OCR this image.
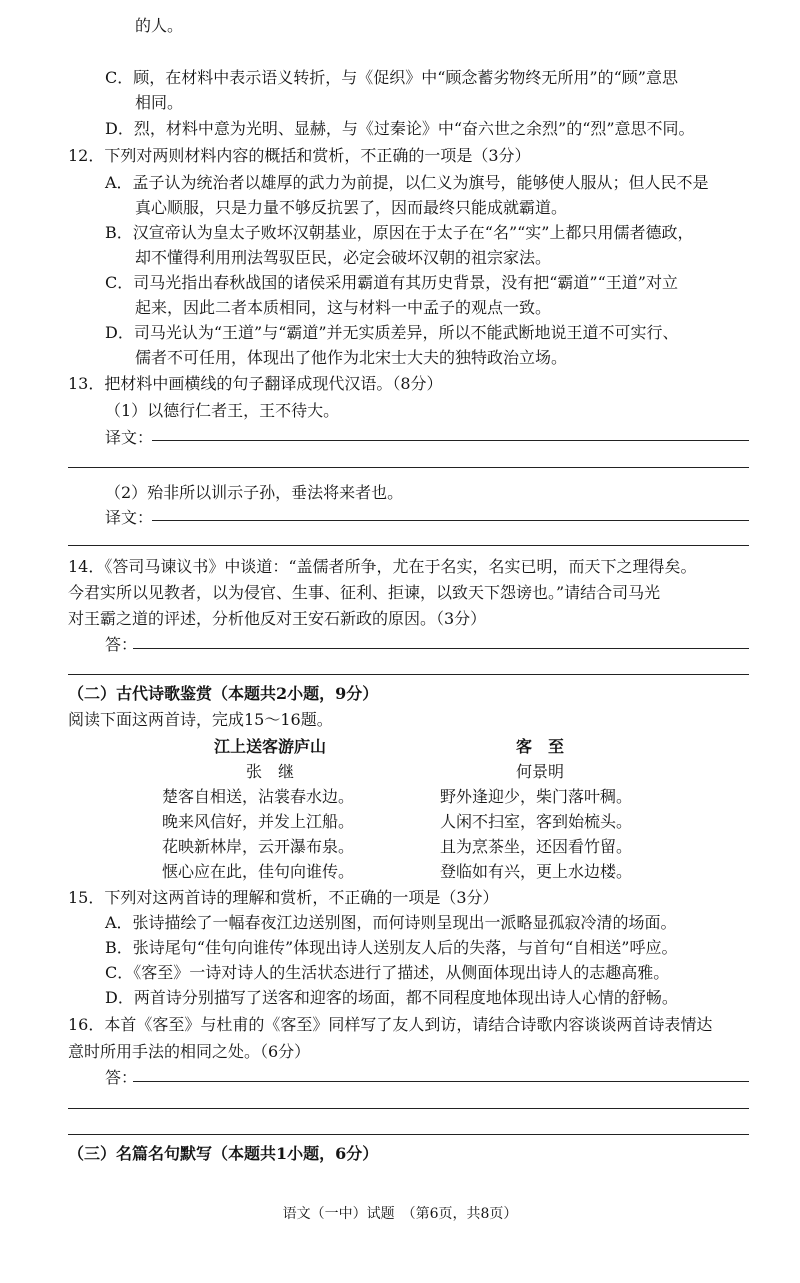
的人。
C．顾，在材料中表示语义转折，与《促织》中“顾念蓄劣物终无所用”的“顾”意思
相同。
D．烈，材料中意为光明、显赫，与《过秦论》中“奋六世之余烈”的“烈”意思不同。
12．下列对两则材料内容的概括和赏析，不正确的一项是（3分）
A．孟子认为统治者以雄厚的武力为前提，以仁义为旗号，能够使人服从；但人民不是
真心顺服，只是力量不够反抗罢了，因而最终只能成就霸道。
B．汉宣帝认为皇太子败坏汉朝基业，原因在于太子在“名”“实”上都只用儒者德政，
却不懂得利用刑法驾驭臣民，必定会破坏汉朝的祖宗家法。
C．司马光指出春秋战国的诸侯采用霸道有其历史背景，没有把“霸道”“王道”对立
起来，因此二者本质相同，这与材料一中孟子的观点一致。
D．司马光认为“王道”与“霸道”并无实质差异，所以不能武断地说王道不可实行、
儒者不可任用，体现出了他作为北宋士大夫的独特政治立场。
13．把材料中画横线的句子翻译成现代汉语。（8分）
（1）以德行仁者王，王不待大。
译文：
（2）殆非所以训示子孙，垂法将来者也。
译文：
14．《答司马谏议书》中谈道：“盖儒者所争，尤在于名实，名实已明，而天下之理得矣。
今君实所以见教者，以为侵官、生事、征利、拒谏，以致天下怨谤也。”请结合司马光
对王霸之道的评述，分析他反对王安石新政的原因。（3分）
答：
（二）古代诗歌鉴赏（本题共2小题，9分）
阅读下面这两首诗，完成15～16题。
江上送客游庐山
张　继
楚客自相送，沾裳春水边。
晚来风信好，并发上江船。
花映新林岸，云开瀑布泉。
惬心应在此，佳句向谁传。
客　至
何景明
野外逢迎少，柴门落叶稠。
人闲不扫室，客到始梳头。
且为烹茶坐，还因看竹留。
登临如有兴，更上水边楼。
15．下列对这两首诗的理解和赏析，不正确的一项是（3分）
A．张诗描绘了一幅春夜江边送别图，而何诗则呈现出一派略显孤寂冷清的场面。
B．张诗尾句“佳句向谁传”体现出诗人送别友人后的失落，与首句“自相送”呼应。
C．《客至》一诗对诗人的生活状态进行了描述，从侧面体现出诗人的志趣高雅。
D．两首诗分别描写了送客和迎客的场面，都不同程度地体现出诗人心情的舒畅。
16．本首《客至》与杜甫的《客至》同样写了友人到访，请结合诗歌内容谈谈两首诗表情达
意时所用手法的相同之处。（6分）
答：
（三）名篇名句默写（本题共1小题，6分）
语文（一中）试题　（第6页，共8页）
